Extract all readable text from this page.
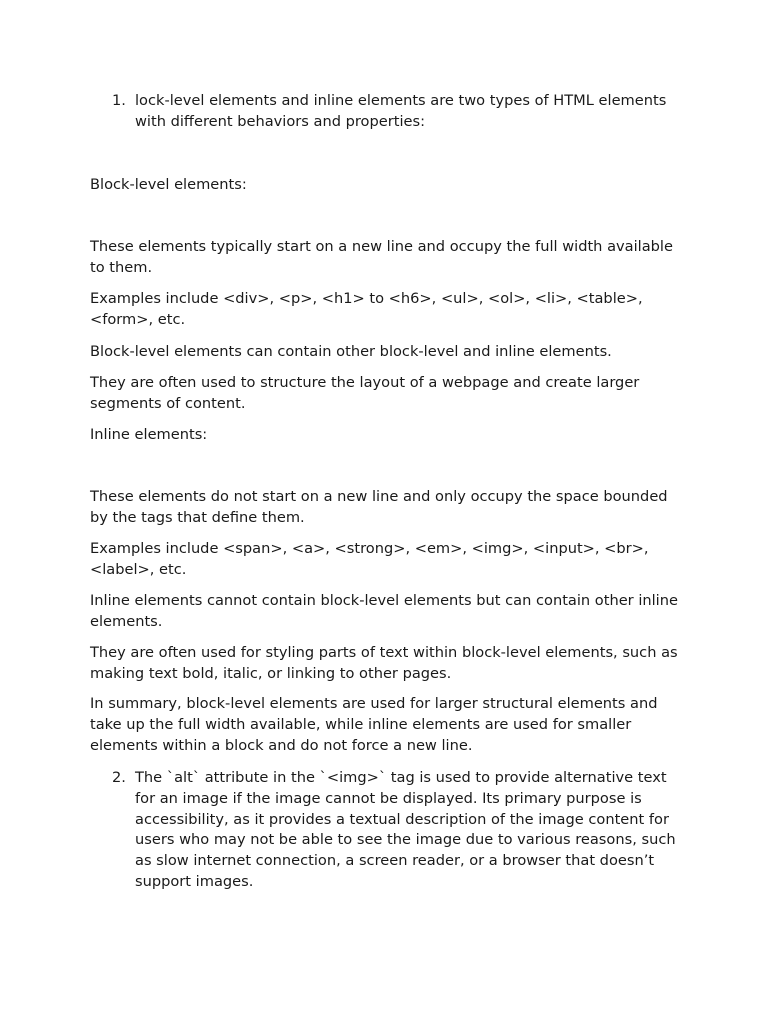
1. lock-level elements and inline elements are two types of HTML elements with different behaviors and properties:

Block-level elements:

These elements typically start on a new line and occupy the full width available to them.

Examples include <div>, <p>, <h1> to <h6>, <ul>, <ol>, <li>, <table>, <form>, etc.

Block-level elements can contain other block-level and inline elements.

They are often used to structure the layout of a webpage and create larger segments of content.

Inline elements:

These elements do not start on a new line and only occupy the space bounded by the tags that define them.

Examples include <span>, <a>, <strong>, <em>, <img>, <input>, <br>, <label>, etc.

Inline elements cannot contain block-level elements but can contain other inline elements.

They are often used for styling parts of text within block-level elements, such as making text bold, italic, or linking to other pages.

In summary, block-level elements are used for larger structural elements and take up the full width available, while inline elements are used for smaller elements within a block and do not force a new line.

2. The `alt` attribute in the `<img>` tag is used to provide alternative text for an image if the image cannot be displayed. Its primary purpose is accessibility, as it provides a textual description of the image content for users who may not be able to see the image due to various reasons, such as slow internet connection, a screen reader, or a browser that doesn’t support images.
